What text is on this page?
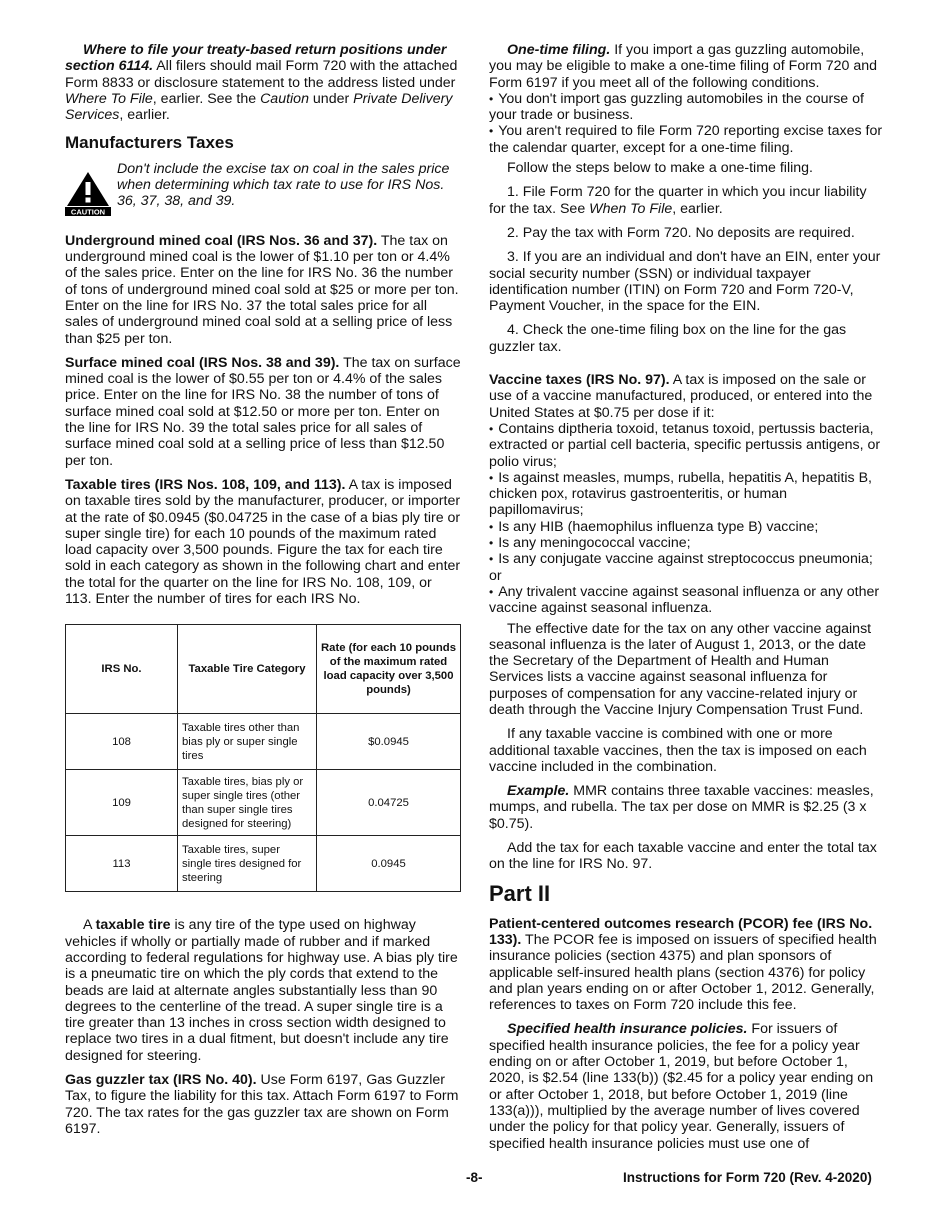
Where to file your treaty-based return positions under section 6114. All filers should mail Form 720 with the attached Form 8833 or disclosure statement to the address listed under Where To File, earlier. See the Caution under Private Delivery Services, earlier.

Manufacturers Taxes
CAUTION
Don't include the excise tax on coal in the sales price when determining which tax rate to use for IRS Nos. 36, 37, 38, and 39.

Underground mined coal (IRS Nos. 36 and 37). The tax on underground mined coal is the lower of $1.10 per ton or 4.4% of the sales price. Enter on the line for IRS No. 36 the number of tons of underground mined coal sold at $25 or more per ton. Enter on the line for IRS No. 37 the total sales price for all sales of underground mined coal sold at a selling price of less than $25 per ton.

Surface mined coal (IRS Nos. 38 and 39). The tax on surface mined coal is the lower of $0.55 per ton or 4.4% of the sales price. Enter on the line for IRS No. 38 the number of tons of surface mined coal sold at $12.50 or more per ton. Enter on the line for IRS No. 39 the total sales price for all sales of surface mined coal sold at a selling price of less than $12.50 per ton.

Taxable tires (IRS Nos. 108, 109, and 113). A tax is imposed on taxable tires sold by the manufacturer, producer, or importer at the rate of $0.0945 ($0.04725 in the case of a bias ply tire or super single tire) for each 10 pounds of the maximum rated load capacity over 3,500 pounds. Figure the tax for each tire sold in each category as shown in the following chart and enter the total for the quarter on the line for IRS No. 108, 109, or 113. Enter the number of tires for each IRS No.

IRS No.	Taxable Tire Category	Rate (for each 10 pounds of the maximum rated load capacity over 3,500 pounds)
108	Taxable tires other than bias ply or super single tires	$0.0945
109	Taxable tires, bias ply or super single tires (other than super single tires designed for steering)	0.04725
113	Taxable tires, super single tires designed for steering	0.0945

A taxable tire is any tire of the type used on highway vehicles if wholly or partially made of rubber and if marked according to federal regulations for highway use. A bias ply tire is a pneumatic tire on which the ply cords that extend to the beads are laid at alternate angles substantially less than 90 degrees to the centerline of the tread. A super single tire is a tire greater than 13 inches in cross section width designed to replace two tires in a dual fitment, but doesn't include any tire designed for steering.

Gas guzzler tax (IRS No. 40). Use Form 6197, Gas Guzzler Tax, to figure the liability for this tax. Attach Form 6197 to Form 720. The tax rates for the gas guzzler tax are shown on Form 6197.

One-time filing. If you import a gas guzzling automobile, you may be eligible to make a one-time filing of Form 720 and Form 6197 if you meet all of the following conditions.

• You don't import gas guzzling automobiles in the course of your trade or business.
• You aren't required to file Form 720 reporting excise taxes for the calendar quarter, except for a one-time filing.

Follow the steps below to make a one-time filing.

1. File Form 720 for the quarter in which you incur liability for the tax. See When To File, earlier.

2. Pay the tax with Form 720. No deposits are required.

3. If you are an individual and don't have an EIN, enter your social security number (SSN) or individual taxpayer identification number (ITIN) on Form 720 and Form 720-V, Payment Voucher, in the space for the EIN.

4. Check the one-time filing box on the line for the gas guzzler tax.

Vaccine taxes (IRS No. 97). A tax is imposed on the sale or use of a vaccine manufactured, produced, or entered into the United States at $0.75 per dose if it:

• Contains diptheria toxoid, tetanus toxoid, pertussis bacteria, extracted or partial cell bacteria, specific pertussis antigens, or polio virus;
• Is against measles, mumps, rubella, hepatitis A, hepatitis B, chicken pox, rotavirus gastroenteritis, or human papillomavirus;
• Is any HIB (haemophilus influenza type B) vaccine;
• Is any meningococcal vaccine;
• Is any conjugate vaccine against streptococcus pneumonia; or
• Any trivalent vaccine against seasonal influenza or any other vaccine against seasonal influenza.

The effective date for the tax on any other vaccine against seasonal influenza is the later of August 1, 2013, or the date the Secretary of the Department of Health and Human Services lists a vaccine against seasonal influenza for purposes of compensation for any vaccine-related injury or death through the Vaccine Injury Compensation Trust Fund.

If any taxable vaccine is combined with one or more additional taxable vaccines, then the tax is imposed on each vaccine included in the combination.

Example. MMR contains three taxable vaccines: measles, mumps, and rubella. The tax per dose on MMR is $2.25 (3 x $0.75).

Add the tax for each taxable vaccine and enter the total tax on the line for IRS No. 97.

Part II

Patient-centered outcomes research (PCOR) fee (IRS No. 133). The PCOR fee is imposed on issuers of specified health insurance policies (section 4375) and plan sponsors of applicable self-insured health plans (section 4376) for policy and plan years ending on or after October 1, 2012. Generally, references to taxes on Form 720 include this fee.

Specified health insurance policies. For issuers of specified health insurance policies, the fee for a policy year ending on or after October 1, 2019, but before October 1, 2020, is $2.54 (line 133(b)) ($2.45 for a policy year ending on or after October 1, 2018, but before October 1, 2019 (line 133(a))), multiplied by the average number of lives covered under the policy for that policy year. Generally, issuers of specified health insurance policies must use one of

-8-	Instructions for Form 720 (Rev. 4-2020)
